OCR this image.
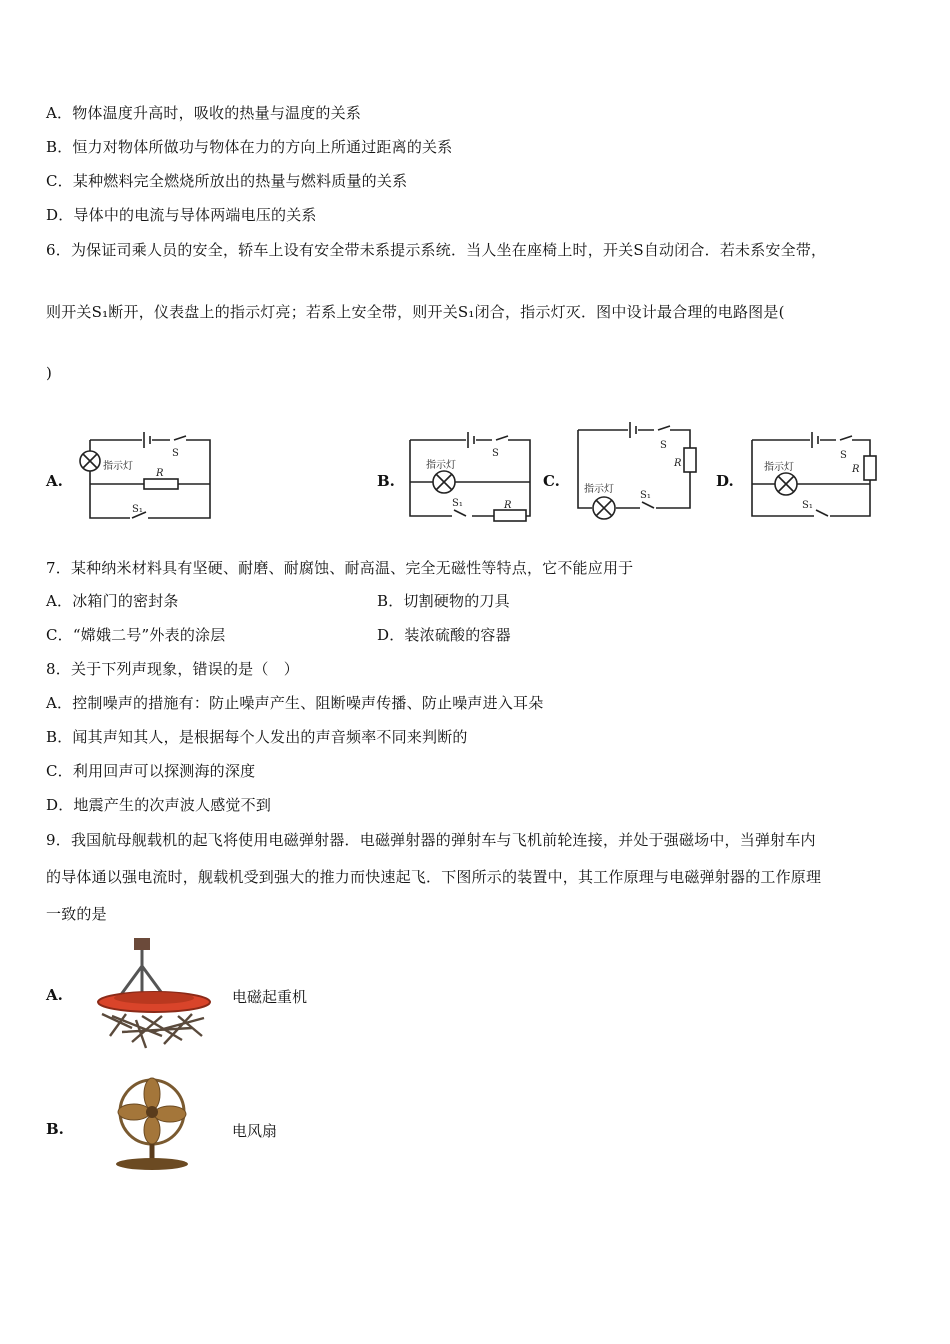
A．物体温度升高时，吸收的热量与温度的关系
B．恒力对物体所做功与物体在力的方向上所通过距离的关系
C．某种燃料完全燃烧所放出的热量与燃料质量的关系
D．导体中的电流与导体两端电压的关系
6．为保证司乘人员的安全，轿车上设有安全带未系提示系统．当人坐在座椅上时，开关S自动闭合．若未系安全带，
则开关S₁断开，仪表盘上的指示灯亮；若系上安全带，则开关S₁闭合，指示灯灭．图中设计最合理的电路图是(
)
A.	B.	C.	D.
S
R
S₁
指示灯
S
R
S₁
指示灯
S
R
S₁
指示灯
S
R
S₁
指示灯
7．某种纳米材料具有坚硬、耐磨、耐腐蚀、耐高温、完全无磁性等特点，它不能应用于
A．冰箱门的密封条	B．切割硬物的刀具
C．“嫦娥二号”外表的涂层	D．装浓硫酸的容器
8．关于下列声现象，错误的是（　）
A．控制噪声的措施有：防止噪声产生、阻断噪声传播、防止噪声进入耳朵
B．闻其声知其人，是根据每个人发出的声音频率不同来判断的
C．利用回声可以探测海的深度
D．地震产生的次声波人感觉不到
9．我国航母舰载机的起飞将使用电磁弹射器．电磁弹射器的弹射车与飞机前轮连接，并处于强磁场中，当弹射车内
的导体通以强电流时，舰载机受到强大的推力而快速起飞．下图所示的装置中，其工作原理与电磁弹射器的工作原理
一致的是
A.	电磁起重机
B.	电风扇
